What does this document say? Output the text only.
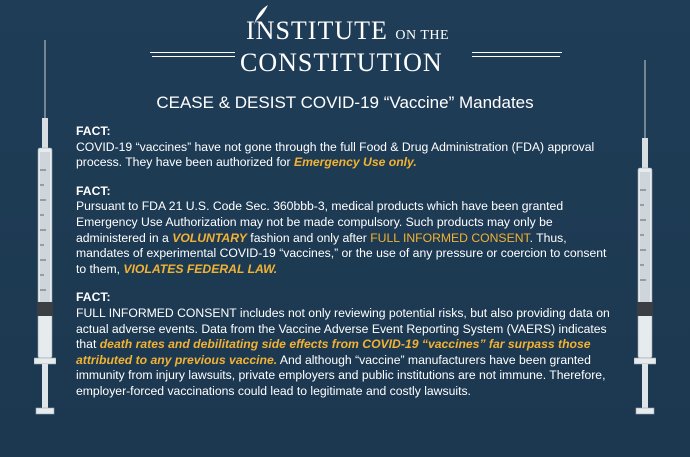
INSTITUTE ON THE
CONSTITUTION
CEASE & DESIST COVID-19 “Vaccine” Mandates
FACT:
COVID-19 “vaccines” have not gone through the full Food & Drug Administration (FDA) approval process. They have been authorized for Emergency Use only.
FACT:
Pursuant to FDA 21 U.S. Code Sec. 360bbb-3, medical products which have been granted Emergency Use Authorization may not be made compulsory. Such products may only be administered in a VOLUNTARY fashion and only after FULL INFORMED CONSENT. Thus, mandates of experimental COVID-19 “vaccines,” or the use of any pressure or coercion to consent to them, VIOLATES FEDERAL LAW.
FACT:
FULL INFORMED CONSENT includes not only reviewing potential risks, but also providing data on actual adverse events. Data from the Vaccine Adverse Event Reporting System (VAERS) indicates that death rates and debilitating side effects from COVID-19 “vaccines” far surpass those attributed to any previous vaccine. And although “vaccine” manufacturers have been granted immunity from injury lawsuits, private employers and public institutions are not immune. Therefore, employer-forced vaccinations could lead to legitimate and costly lawsuits.
